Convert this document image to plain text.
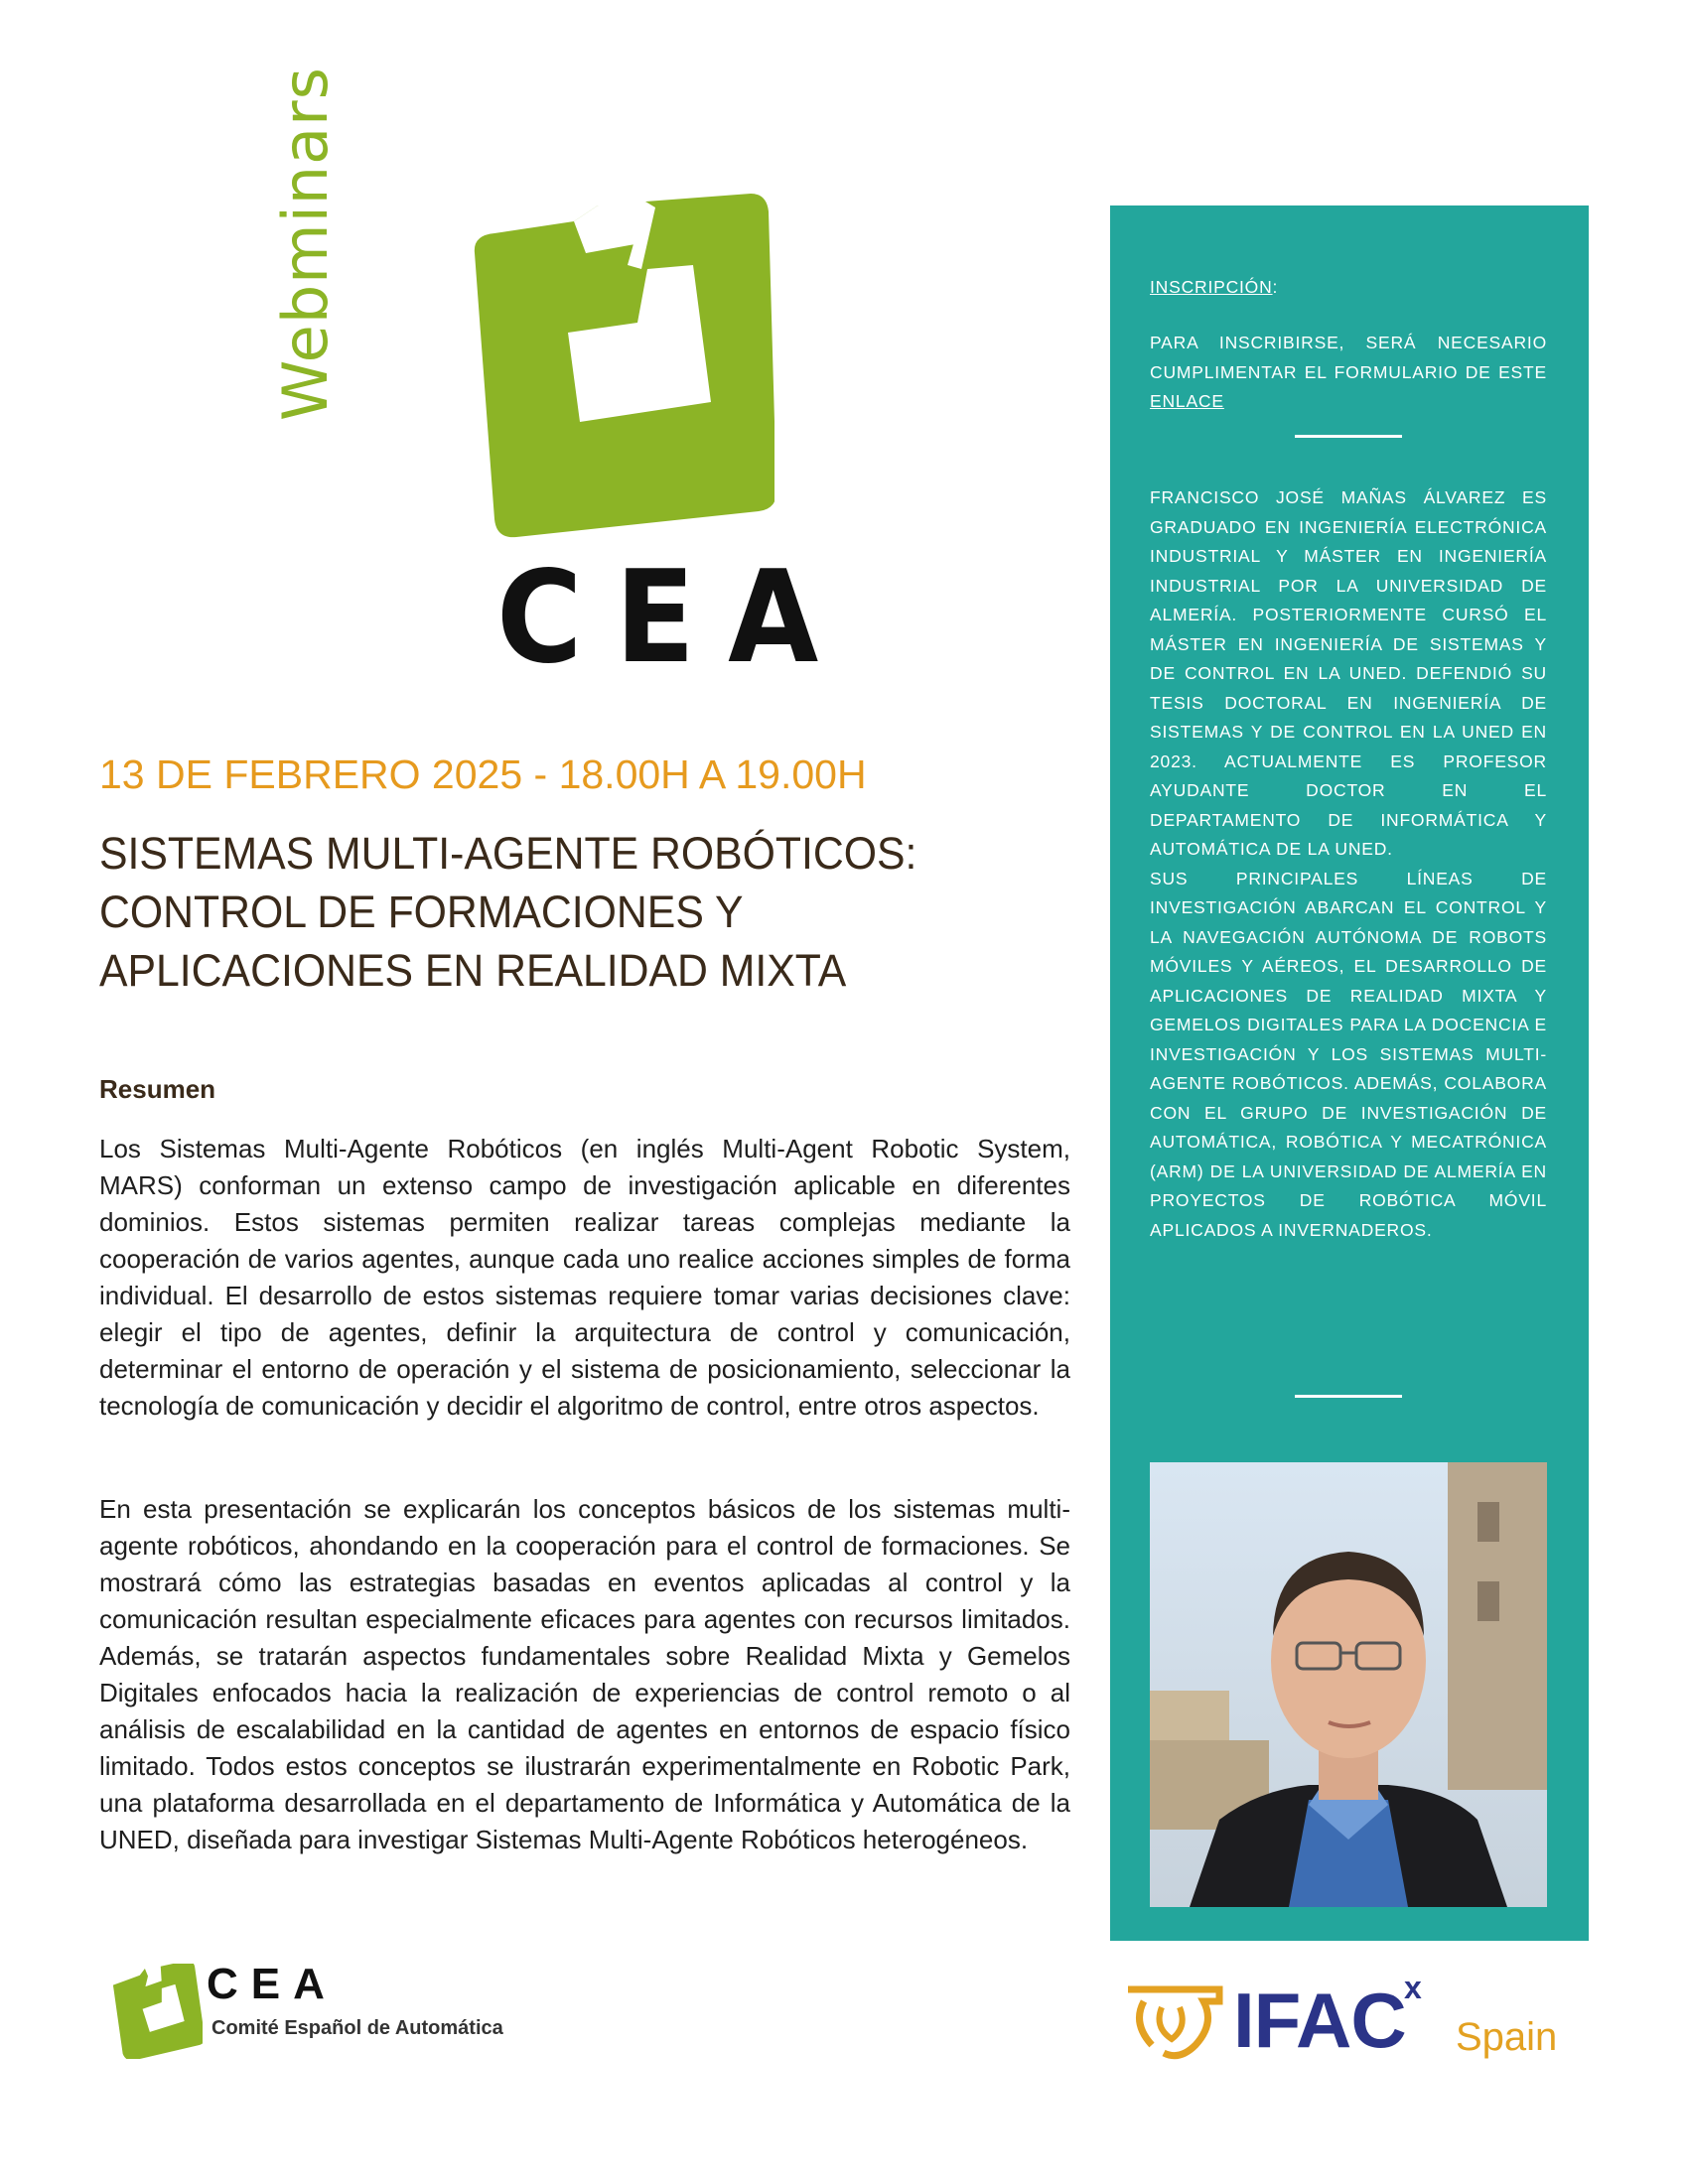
Webminars
CEA
13 DE FEBRERO 2025 - 18.00H A 19.00H
SISTEMAS MULTI-AGENTE ROBÓTICOS:
CONTROL DE FORMACIONES Y
APLICACIONES EN REALIDAD MIXTA
Resumen

Los Sistemas Multi-Agente Robóticos (en inglés Multi-Agent Robotic System, MARS) conforman un extenso campo de investigación aplicable en diferentes dominios. Estos sistemas permiten realizar tareas complejas mediante la cooperación de varios agentes, aunque cada uno realice acciones simples de forma individual. El desarrollo de estos sistemas requiere tomar varias decisiones clave: elegir el tipo de agentes, definir la arquitectura de control y comunicación, determinar el entorno de operación y el sistema de posicionamiento, seleccionar la tecnología de comunicación y decidir el algoritmo de control, entre otros aspectos.

En esta presentación se explicarán los conceptos básicos de los sistemas multi-agente robóticos, ahondando en la cooperación para el control de formaciones. Se mostrará cómo las estrategias basadas en eventos aplicadas al control y la comunicación resultan especialmente eficaces para agentes con recursos limitados. Además, se tratarán aspectos fundamentales sobre Realidad Mixta y Gemelos Digitales enfocados hacia la realización de experiencias de control remoto o al análisis de escalabilidad en la cantidad de agentes en entornos de espacio físico limitado. Todos estos conceptos se ilustrarán experimentalmente en Robotic Park, una plataforma desarrollada en el departamento de Informática y Automática de la UNED, diseñada para investigar Sistemas Multi-Agente Robóticos heterogéneos.

INSCRIPCIÓN:
PARA INSCRIBIRSE, SERÁ NECESARIO CUMPLIMENTAR EL FORMULARIO DE ESTE ENLACE
FRANCISCO JOSÉ MAÑAS ÁLVAREZ ES GRADUADO EN INGENIERÍA ELECTRÓNICA INDUSTRIAL Y MÁSTER EN INGENIERÍA INDUSTRIAL POR LA UNIVERSIDAD DE ALMERÍA. POSTERIORMENTE CURSÓ EL MÁSTER EN INGENIERÍA DE SISTEMAS Y DE CONTROL EN LA UNED. DEFENDIÓ SU TESIS DOCTORAL EN INGENIERÍA DE SISTEMAS Y DE CONTROL EN LA UNED EN 2023. ACTUALMENTE ES PROFESOR AYUDANTE DOCTOR EN EL DEPARTAMENTO DE INFORMÁTICA Y AUTOMÁTICA DE LA UNED.
SUS PRINCIPALES LÍNEAS DE INVESTIGACIÓN ABARCAN EL CONTROL Y LA NAVEGACIÓN AUTÓNOMA DE ROBOTS MÓVILES Y AÉREOS, EL DESARROLLO DE APLICACIONES DE REALIDAD MIXTA Y GEMELOS DIGITALES PARA LA DOCENCIA E INVESTIGACIÓN Y LOS SISTEMAS MULTI-AGENTE ROBÓTICOS. ADEMÁS, COLABORA CON EL GRUPO DE INVESTIGACIÓN DE AUTOMÁTICA, ROBÓTICA Y MECATRÓNICA (ARM) DE LA UNIVERSIDAD DE ALMERÍA EN PROYECTOS DE ROBÓTICA MÓVIL APLICADOS A INVERNADEROS.
CEA
Comité Español de Automática	IFAC
x
Spain
